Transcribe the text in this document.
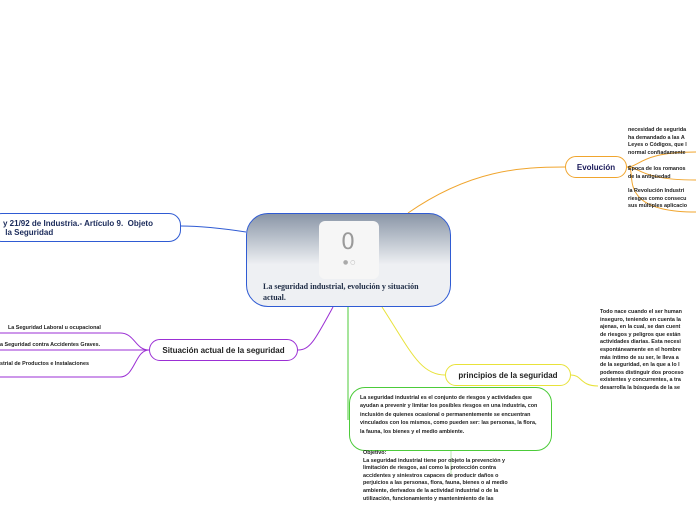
0
● ○
La seguridad industrial, evolución y situación actual.
Evolución
necesidad de segurida
ha demandado a las A
Leyes o Códigos, que l
normal confiadamente
Época de los romanos
de la antigüedad
la Revolución Industri
riesgos como consecu
sus múltiples aplicacio
principios de la seguridad
Todo nace cuando el ser human
inseguro, teniendo en cuenta la
ajenas, en la cual, se dan cuent
de riesgos y peligros que están
actividades diarias. Esta necesi
espontáneamente en el hombre
más íntimo de su ser, le lleva a
de la seguridad, en la que a lo l
podemos distinguir dos proceso
existentes y concurrentes, a tra
desarrolla la búsqueda de la se
y 21/92 de Industria.- Artículo 9.  Objeto
la Seguridad
Situación actual de la seguridad
La Seguridad Laboral u ocupacional
a Seguridad contra Accidentes Graves.
strial de Productos e Instalaciones
La seguridad industrial es el conjunto de riesgos y actividades que ayudan a prevenir y limitar los posibles riesgos en una industria, con inclusión de quienes ocasional o permanentemente se encuentran vinculados con los mismos, como pueden ser: las personas, la flora, la fauna, los bienes y el medio ambiente.
Objetivo:
La seguridad industrial tiene por objeto la prevención y
limitación de riesgos, así como la protección contra
accidentes y siniestros capaces de producir daños o
perjuicios a las personas, flora, fauna, bienes o al medio
ambiente, derivados de la actividad industrial o de la
utilización, funcionamiento y mantenimiento de las
